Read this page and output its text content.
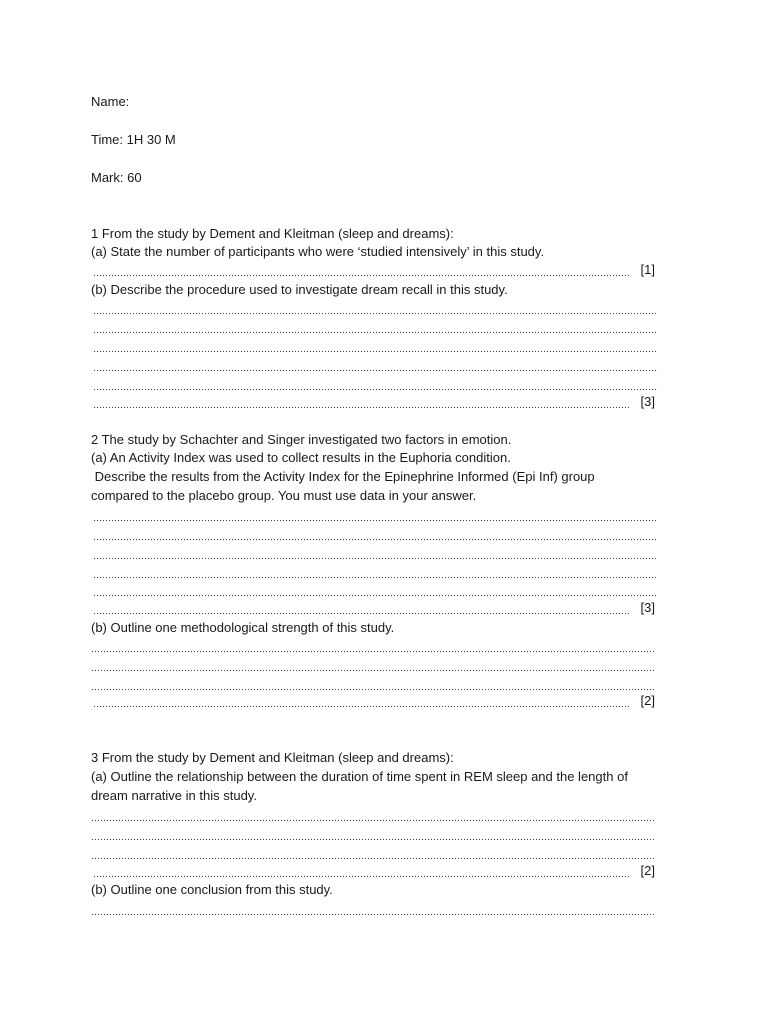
Name:
Time: 1H 30 M
Mark: 60
1 From the study by Dement and Kleitman (sleep and dreams):
(a) State the number of participants who were ‘studied intensively’ in this study.
[1]
(b) Describe the procedure used to investigate dream recall in this study.
[3]
2 The study by Schachter and Singer investigated two factors in emotion.
(a) An Activity Index was used to collect results in the Euphoria condition.
Describe the results from the Activity Index for the Epinephrine Informed (Epi Inf) group
compared to the placebo group. You must use data in your answer.
[3]
(b) Outline one methodological strength of this study.
[2]
3 From the study by Dement and Kleitman (sleep and dreams):
(a) Outline the relationship between the duration of time spent in REM sleep and the length of
dream narrative in this study.
[2]
(b) Outline one conclusion from this study.
